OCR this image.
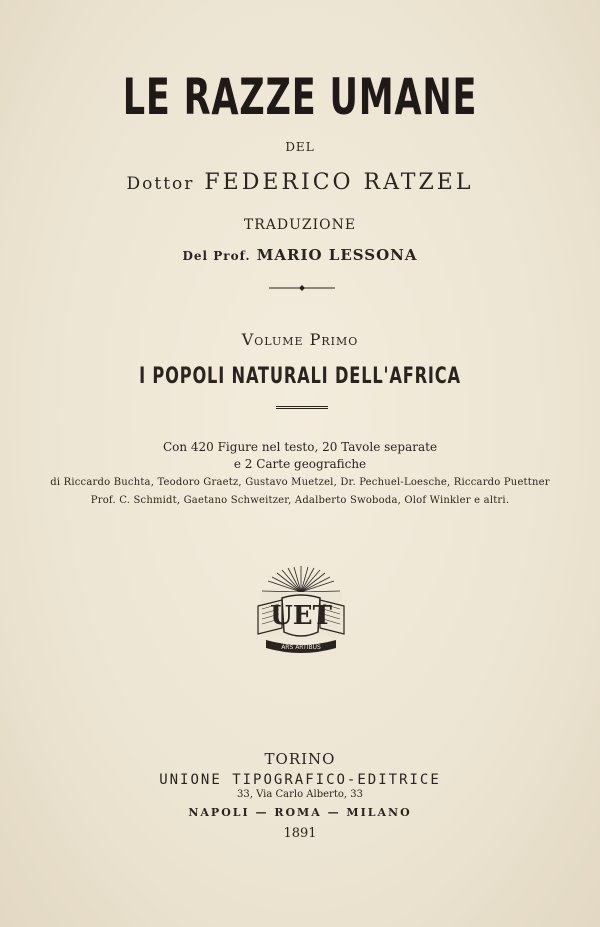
LE RAZZE UMANE
DEL
Dottor FEDERICO RATZEL
TRADUZIONE
Del Prof. MARIO LESSONA
Volume Primo
I POPOLI NATURALI DELL'AFRICA
Con 420 Figure nel testo, 20 Tavole separate
e 2 Carte geografiche
di Riccardo Buchta, Teodoro Graetz, Gustavo Muetzel, Dr. Pechuel-Loesche, Riccardo Puettner
Prof. C. Schmidt, Gaetano Schweitzer, Adalberto Swoboda, Olof Winkler e altri.
UET
ARS ARTIBUS
TORINO
UNIONE TIPOGRAFICO-EDITRICE
33, Via Carlo Alberto, 33
NAPOLI — ROMA — MILANO
1891
